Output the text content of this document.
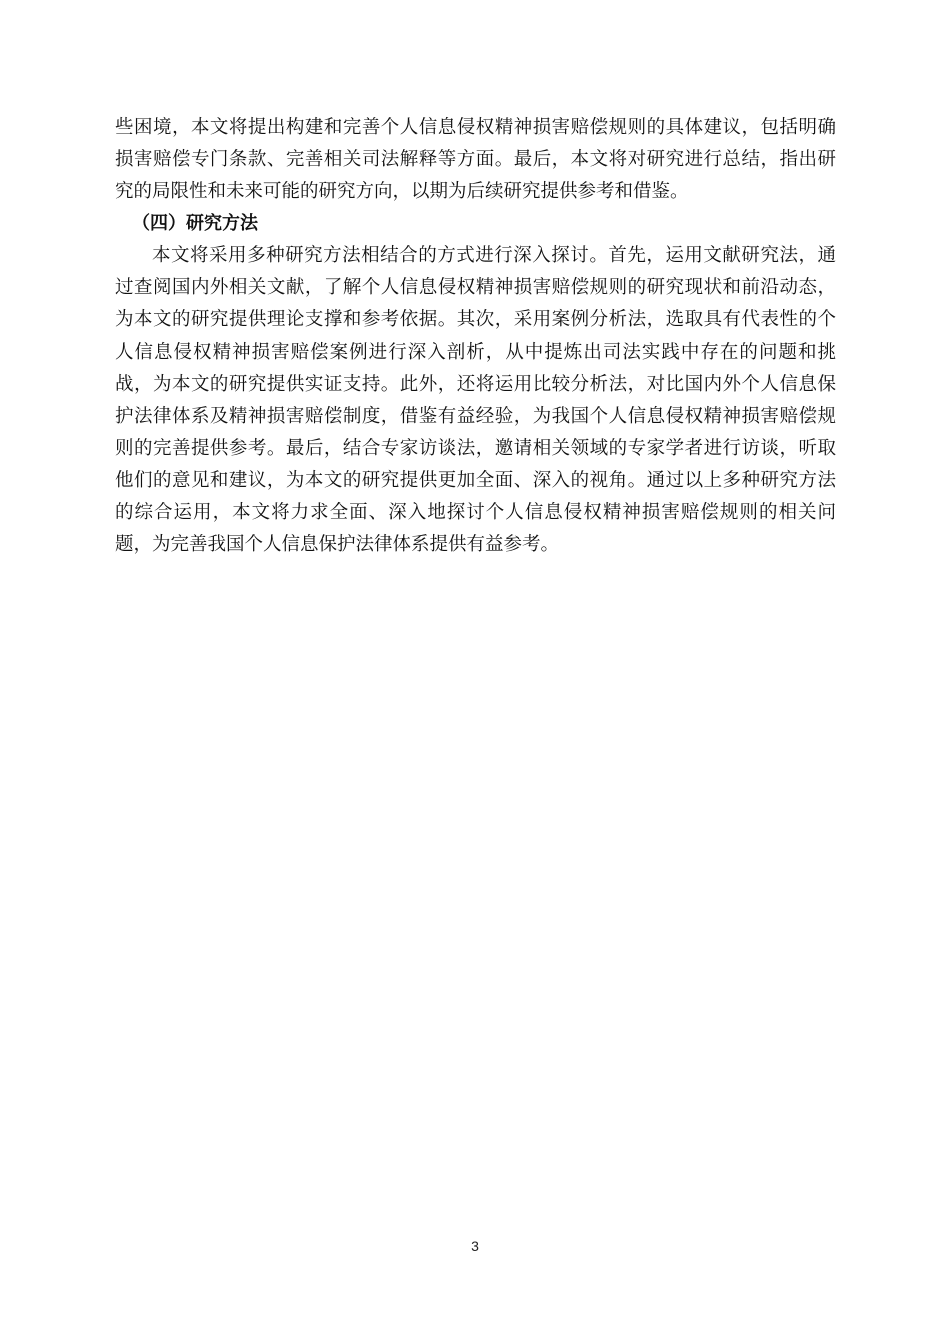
些困境，本文将提出构建和完善个人信息侵权精神损害赔偿规则的具体建议，包括明确损害赔偿专门条款、完善相关司法解释等方面。最后，本文将对研究进行总结，指出研究的局限性和未来可能的研究方向，以期为后续研究提供参考和借鉴。

（四）研究方法

本文将采用多种研究方法相结合的方式进行深入探讨。首先，运用文献研究法，通过查阅国内外相关文献，了解个人信息侵权精神损害赔偿规则的研究现状和前沿动态，为本文的研究提供理论支撑和参考依据。其次，采用案例分析法，选取具有代表性的个人信息侵权精神损害赔偿案例进行深入剖析，从中提炼出司法实践中存在的问题和挑战，为本文的研究提供实证支持。此外，还将运用比较分析法，对比国内外个人信息保护法律体系及精神损害赔偿制度，借鉴有益经验，为我国个人信息侵权精神损害赔偿规则的完善提供参考。最后，结合专家访谈法，邀请相关领域的专家学者进行访谈，听取他们的意见和建议，为本文的研究提供更加全面、深入的视角。通过以上多种研究方法的综合运用，本文将力求全面、深入地探讨个人信息侵权精神损害赔偿规则的相关问题，为完善我国个人信息保护法律体系提供有益参考。

3
